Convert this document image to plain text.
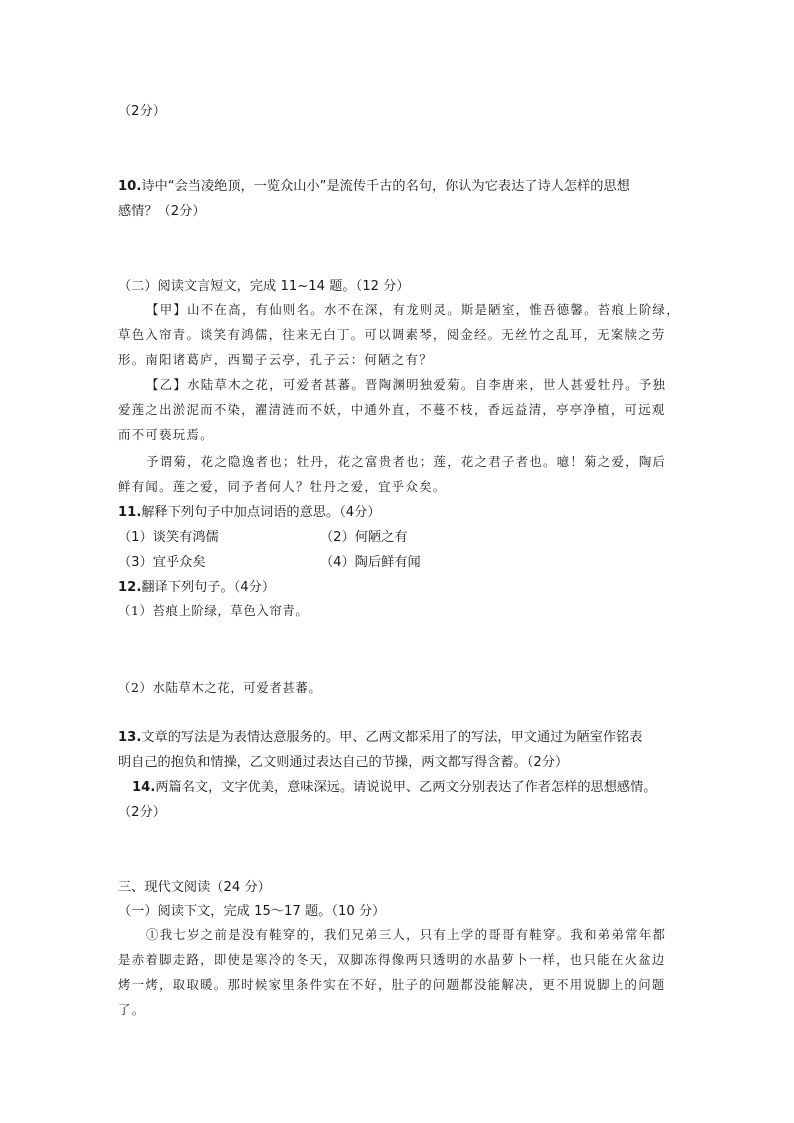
（2分）
10.诗中“会当凌绝顶，一览众山小”是流传千古的名句，你认为它表达了诗人怎样的思想
感情？（2分）
（二）阅读文言短文，完成 11~14 题。（12 分）
【甲】山不在高，有仙则名。水不在深，有龙则灵。斯是陋室，惟吾德馨。苔痕上阶绿，
草色入帘青。谈笑有鸿儒，往来无白丁。可以调素琴，阅金经。无丝竹之乱耳，无案牍之劳
形。南阳诸葛庐，西蜀子云亭，孔子云：何陋之有？
【乙】水陆草木之花，可爱者甚蕃。晋陶渊明独爱菊。自李唐来，世人甚爱牡丹。予独
爱莲之出淤泥而不染，濯清涟而不妖，中通外直，不蔓不枝，香远益清，亭亭净植，可远观
而不可亵玩焉。
予谓菊，花之隐逸者也；牡丹，花之富贵者也；莲，花之君子者也。噫！菊之爱，陶后
鲜有闻。莲之爱，同予者何人？牡丹之爱，宜乎众矣。
11.解释下列句子中加点词语的意思。（4分）
（1）谈笑有鸿儒	（2）何陋之有
（3）宜乎众矣	（4）陶后鲜有闻
12.翻译下列句子。（4分）
（1）苔痕上阶绿，草色入帘青。
（2）水陆草木之花，可爱者甚蕃。
13.文章的写法是为表情达意服务的。甲、乙两文都采用了的写法，甲文通过为陋室作铭表
明自己的抱负和情操，乙文则通过表达自己的节操，两文都写得含蓄。（2分）
14.两篇名文，文字优美，意味深远。请说说甲、乙两文分别表达了作者怎样的思想感情。
（2分）
三、现代文阅读（24 分）
（一）阅读下文，完成 15～17 题。（10 分）
①我七岁之前是没有鞋穿的，我们兄弟三人，只有上学的哥哥有鞋穿。我和弟弟常年都
是赤着脚走路，即使是寒冷的冬天，双脚冻得像两只透明的水晶萝卜一样，也只能在火盆边
烤一烤，取取暖。那时候家里条件实在不好，肚子的问题都没能解决，更不用说脚上的问题
了。
